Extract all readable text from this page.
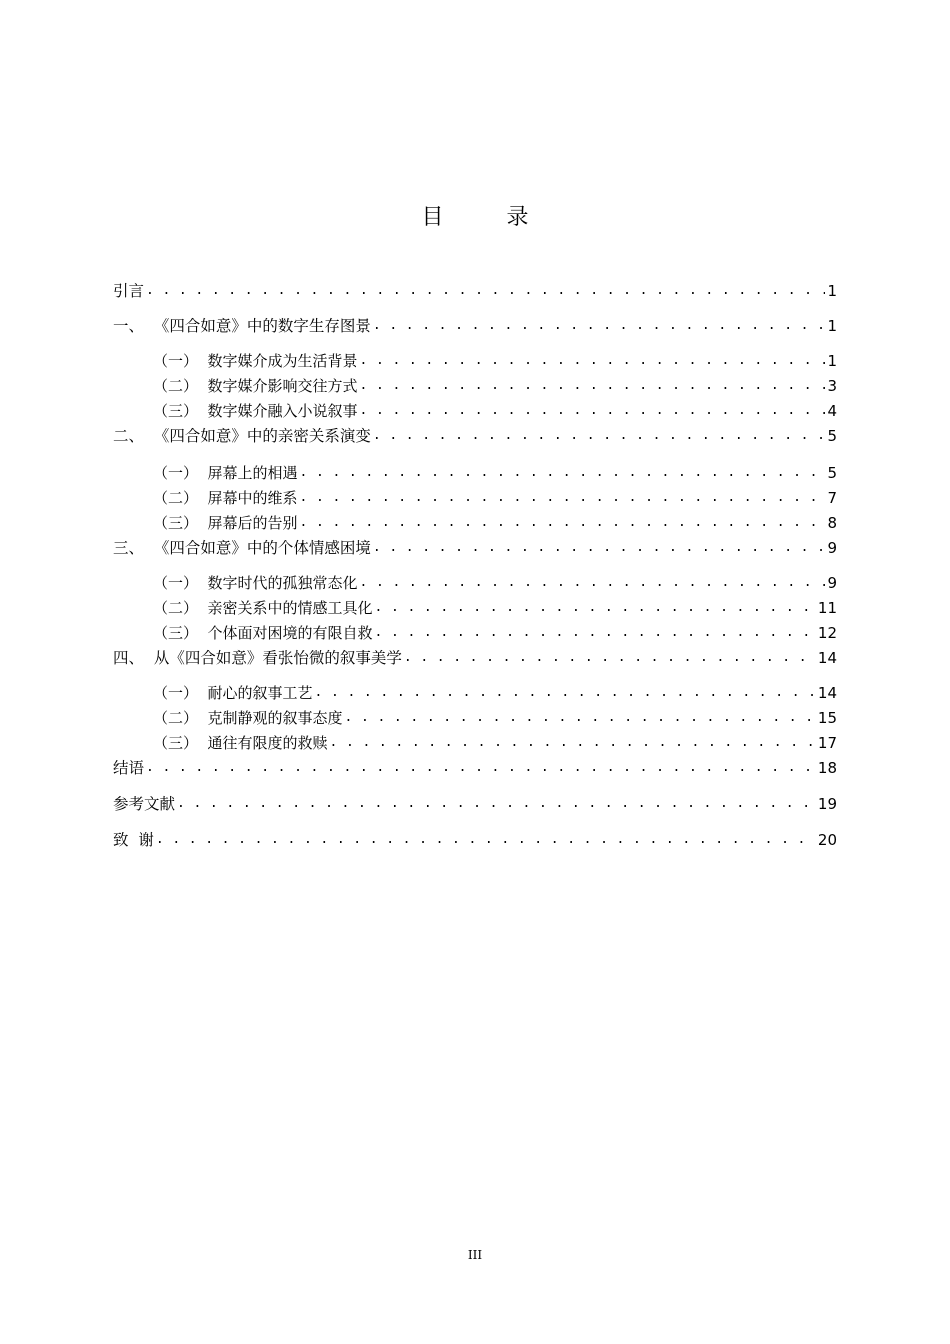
目 录
引言 . . .	1
一、  《四合如意》中的数字生存图景 . . .	1
（一）  数字媒介成为生活背景 . . .	1
（二）  数字媒介影响交往方式 . . .	3
（三）  数字媒介融入小说叙事 . . .	4
二、  《四合如意》中的亲密关系演变 . . .	5
（一）  屏幕上的相遇 . . .	5
（二）  屏幕中的维系 . . .	7
（三）  屏幕后的告别 . . .	8
三、  《四合如意》中的个体情感困境 . . .	9
（一）  数字时代的孤独常态化 . . .	9
（二）  亲密关系中的情感工具化 . . .	11
（三）  个体面对困境的有限自救 . . .	12
四、  从《四合如意》看张怡微的叙事美学 . . .	14
（一）  耐心的叙事工艺 . . .	14
（二）  克制静观的叙事态度 . . .	15
（三）  通往有限度的救赎 . . .	17
结语 . . .	18
参考文献 . . .	19
致  谢 . . .	20
III
